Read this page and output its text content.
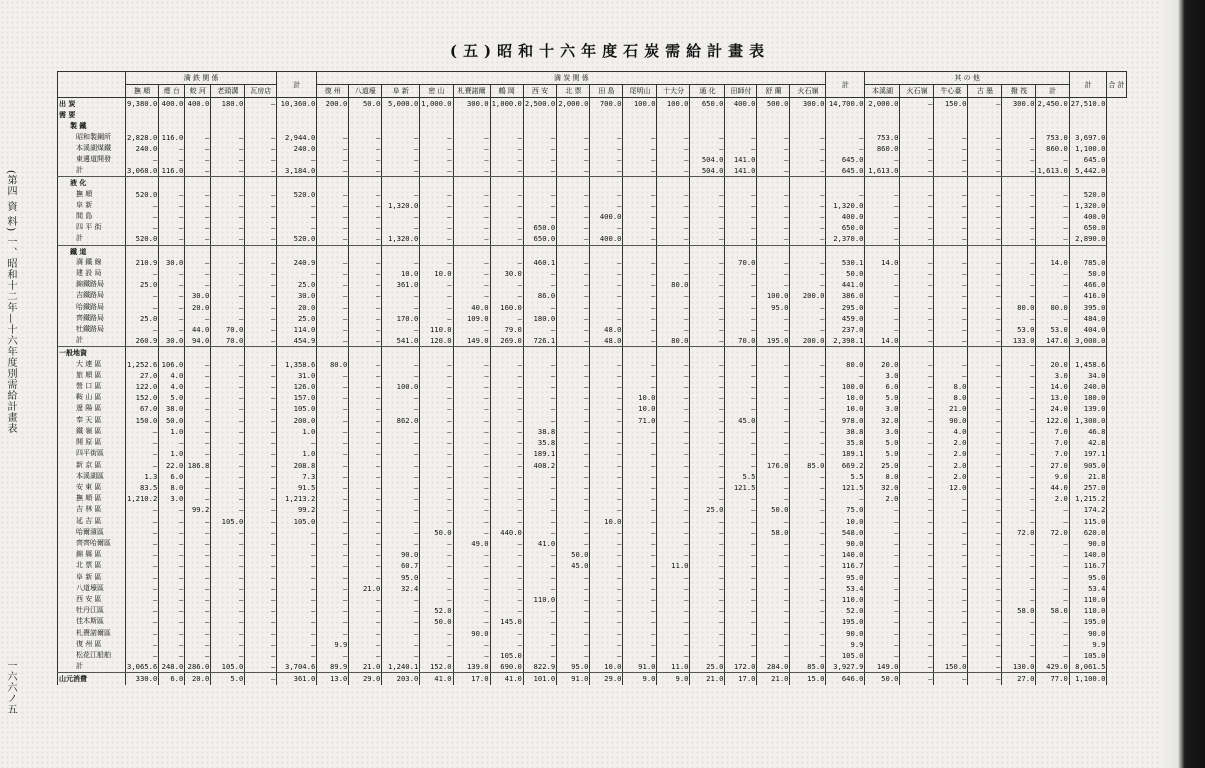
(五)昭和十六年度石炭需給計畫表
(第四 資 料) 一、昭和十二年—十六年度別需給計畫表
一六六ノ五
	満 鉄 関 係					計	満 炭 関 係															計	其 の 他						計	合 計
	撫 順	煙 台	蛟 河	老頭溝	瓦房店		復 州	八道壕	阜 新	密 山	札賚諾爾	鶴 岡	西 安	北 票	田 島	尾明山	十大分	通 化	田師付	舒 蘭	火石嶺		本溪湖	火石嶺	牛心臺	古 墨	撥 筏	計		
出 炭	9,380.0	400.0	400.0	180.0	—	10,360.0	200.0	50.0	5,000.0	1,000.0	300.0	1,000.0	2,500.0	2,000.0	700.0	100.0	100.0	650.0	400.0	500.0	300.0	14,700.0	2,000.0	—	150.0	—	300.0	2,450.0	27,510.0	
需 要																														
製 鐵																														
昭和製鋼所	2,828.0	116.0	—	—	—	2,944.0	—	—	—	—	—	—	—	—	—	—	—	—	—	—	—	—	753.0	—	—	—	—	753.0	3,697.0	
本溪湖煤鐵	240.0	—	—	—	—	240.0	—	—	—	—	—	—	—	—	—	—	—	—	—	—	—	—	860.0	—	—	—	—	860.0	1,100.0	
東邊道開發	—	—	—	—	—	—	—	—	—	—	—	—	—	—	—	—	—	504.0	141.0	—	—	645.0	—	—	—	—	—	—	645.0	
計	3,068.0	116.0	—	—	—	3,184.0	—	—	—	—	—	—	—	—	—	—	—	504.0	141.0	—	—	645.0	1,613.0	—	—	—	—	1,613.0	5,442.0	
液 化																														
撫 順	520.0	—	—	—	—	520.0	—	—	—	—	—	—	—	—	—	—	—	—	—	—	—	—	—	—	—	—	—	—	520.0	
阜 新	—	—	—	—	—	—	—	—	1,320.0	—	—	—	—	—	—	—	—	—	—	—	—	1,320.0	—	—	—	—	—	—	1,320.0	
間 島	—	—	—	—	—	—	—	—	—	—	—	—	—	—	400.0	—	—	—	—	—	—	400.0	—	—	—	—	—	—	400.0	
四 平 街	—	—	—	—	—	—	—	—	—	—	—	—	650.0	—	—	—	—	—	—	—	—	650.0	—	—	—	—	—	—	650.0	
計	520.0	—	—	—	—	520.0	—	—	1,320.0	—	—	—	650.0	—	400.0	—	—	—	—	—	—	2,370.0	—	—	—	—	—	—	2,890.0	
鐵 道																														
満 鐵 線	210.9	30.0	—	—	—	240.9	—	—	—	—	—	—	460.1	—	—	—	—	—	70.0	—	—	530.1	14.0	—	—	—	—	14.0	785.0	
建 設 局	—	—	—	—	—	—	—	—	10.0	10.0	—	30.0	—	—	—	—	—	—	—	—	—	50.0	—	—	—	—	—	—	50.0	
錦鐵路局	25.0	—	—	—	—	25.0	—	—	361.0	—	—	—	—	—	—	—	80.0	—	—	—	—	441.0	—	—	—	—	—	—	466.0	
吉鐵路局	—	—	30.0	—	—	30.0	—	—	—	—	—	—	86.0	—	—	—	—	—	—	100.0	200.0	386.0	—	—	—	—	—	—	416.0	
哈鐵路局	—	—	20.0	—	—	20.0	—	—	—	—	40.0	160.0	—	—	—	—	—	—	—	95.0	—	295.0	—	—	—	—	80.0	80.0	395.0	
齊鐵路局	25.0	—	—	—	—	25.0	—	—	170.0	—	109.0	—	180.0	—	—	—	—	—	—	—	—	459.0	—	—	—	—	—	—	484.0	
牡鐵路局	—	—	44.0	70.0	—	114.0	—	—	—	110.0	—	79.0	—	—	48.0	—	—	—	—	—	—	237.0	—	—	—	—	53.0	53.0	404.0	
計	260.9	30.0	94.0	70.0	—	454.9	—	—	541.0	120.0	149.0	269.0	726.1	—	48.0	—	80.0	—	70.0	195.0	200.0	2,398.1	14.0	—	—	—	133.0	147.0	3,000.0	
一般地資																														
大 連 區	1,252.6	106.0	—	—	—	1,358.6	80.0	—	—	—	—	—	—	—	—	—	—	—	—	—	—	80.0	20.0	—	—	—	—	20.0	1,458.6	
旅 順 區	27.0	4.0	—	—	—	31.0	—	—	—	—	—	—	—	—	—	—	—	—	—	—	—	—	3.0	—	—	—	—	3.0	34.0	
營 口 區	122.0	4.0	—	—	—	126.0	—	—	100.0	—	—	—	—	—	—	—	—	—	—	—	—	100.0	6.0	—	8.0	—	—	14.0	240.0	
鞍 山 區	152.0	5.0	—	—	—	157.0	—	—	—	—	—	—	—	—	—	10.0	—	—	—	—	—	10.0	5.0	—	8.0	—	—	13.0	180.0	
遼 陽 區	67.0	38.0	—	—	—	105.0	—	—	—	—	—	—	—	—	—	10.0	—	—	—	—	—	10.0	3.0	—	21.0	—	—	24.0	139.0	
奉 天 區	150.0	50.0	—	—	—	200.0	—	—	862.0	—	—	—	—	—	—	71.0	—	—	45.0	—	—	978.0	32.0	—	90.0	—	—	122.0	1,300.0	
鐵 嶺 區	—	1.0	—	—	—	1.0	—	—	—	—	—	—	38.8	—	—	—	—	—	—	—	—	38.8	3.0	—	4.0	—	—	7.0	46.8	
開 原 區	—	—	—	—	—	—	—	—	—	—	—	—	35.8	—	—	—	—	—	—	—	—	35.8	5.0	—	2.0	—	—	7.0	42.8	
四平街區	—	1.0	—	—	—	1.0	—	—	—	—	—	—	189.1	—	—	—	—	—	—	—	—	189.1	5.0	—	2.0	—	—	7.0	197.1	
新 京 區	—	22.0	186.8	—	—	208.8	—	—	—	—	—	—	408.2	—	—	—	—	—	—	176.0	85.0	669.2	25.0	—	2.0	—	—	27.0	905.0	
本溪湖區	1.3	6.0	—	—	—	7.3	—	—	—	—	—	—	—	—	—	—	—	—	5.5	—	—	5.5	8.0	—	2.0	—	—	9.0	21.8	
安 東 區	83.5	8.0	—	—	—	91.5	—	—	—	—	—	—	—	—	—	—	—	—	121.5	—	—	121.5	32.0	—	12.0	—	—	44.0	257.0	
撫 順 區	1,210.2	3.0	—	—	—	1,213.2	—	—	—	—	—	—	—	—	—	—	—	—	—	—	—	—	2.0	—	—	—	—	2.0	1,215.2	
吉 林 區	—	—	99.2	—	—	99.2	—	—	—	—	—	—	—	—	—	—	—	25.0	—	50.0	—	75.0	—	—	—	—	—	—	174.2	
延 吉 區	—	—	—	105.0	—	105.0	—	—	—	—	—	—	—	—	10.0	—	—	—	—	—	—	10.0	—	—	—	—	—	—	115.0	
哈爾濱區	—	—	—	—	—	—	—	—	—	50.0	—	440.0	—	—	—	—	—	—	—	58.0	—	548.0	—	—	—	—	72.0	72.0	620.0	
齊齊哈爾區	—	—	—	—	—	—	—	—	—	—	49.0	—	41.0	—	—	—	—	—	—	—	—	90.0	—	—	—	—	—	—	90.0	
錦 縣 區	—	—	—	—	—	—	—	—	90.0	—	—	—	—	50.0	—	—	—	—	—	—	—	140.0	—	—	—	—	—	—	140.0	
北 票 區	—	—	—	—	—	—	—	—	60.7	—	—	—	—	45.0	—	—	11.0	—	—	—	—	116.7	—	—	—	—	—	—	116.7	
阜 新 區	—	—	—	—	—	—	—	—	95.0	—	—	—	—	—	—	—	—	—	—	—	—	95.0	—	—	—	—	—	—	95.0	
八道壕區	—	—	—	—	—	—	—	21.0	32.4	—	—	—	—	—	—	—	—	—	—	—	—	53.4	—	—	—	—	—	—	53.4	
西 安 區	—	—	—	—	—	—	—	—	—	—	—	—	110.0	—	—	—	—	—	—	—	—	110.0	—	—	—	—	—	—	110.0	
牡丹江區	—	—	—	—	—	—	—	—	—	52.0	—	—	—	—	—	—	—	—	—	—	—	52.0	—	—	—	—	58.0	58.0	110.0	
佳木斯區	—	—	—	—	—	—	—	—	—	50.0	—	145.0	—	—	—	—	—	—	—	—	—	195.0	—	—	—	—	—	—	195.0	
札賚諾爾區	—	—	—	—	—	—	—	—	—	—	90.0	—	—	—	—	—	—	—	—	—	—	90.0	—	—	—	—	—	—	90.0	
復 州 區	—	—	—	—	—	—	9.9	—	—	—	—	—	—	—	—	—	—	—	—	—	—	9.9	—	—	—	—	—	—	9.9	
松花江船舶	—	—	—	—	—	—	—	—	—	—	—	105.0	—	—	—	—	—	—	—	—	—	105.0	—	—	—	—	—	—	105.0	
計	3,065.6	248.0	286.0	105.0	—	3,704.6	89.9	21.0	1,240.1	152.0	139.0	690.0	822.9	95.0	10.0	91.0	11.0	25.0	172.0	284.0	85.0	3,927.9	149.0	—	150.0	—	130.0	429.0	8,061.5	
山元消費	330.0	6.0	20.0	5.0	—	361.0	13.0	29.0	203.0	41.0	17.0	41.0	101.0	91.0	29.0	9.0	9.0	21.0	17.0	21.0	15.0	646.0	50.0	—	—	—	27.0	77.0	1,100.0	
